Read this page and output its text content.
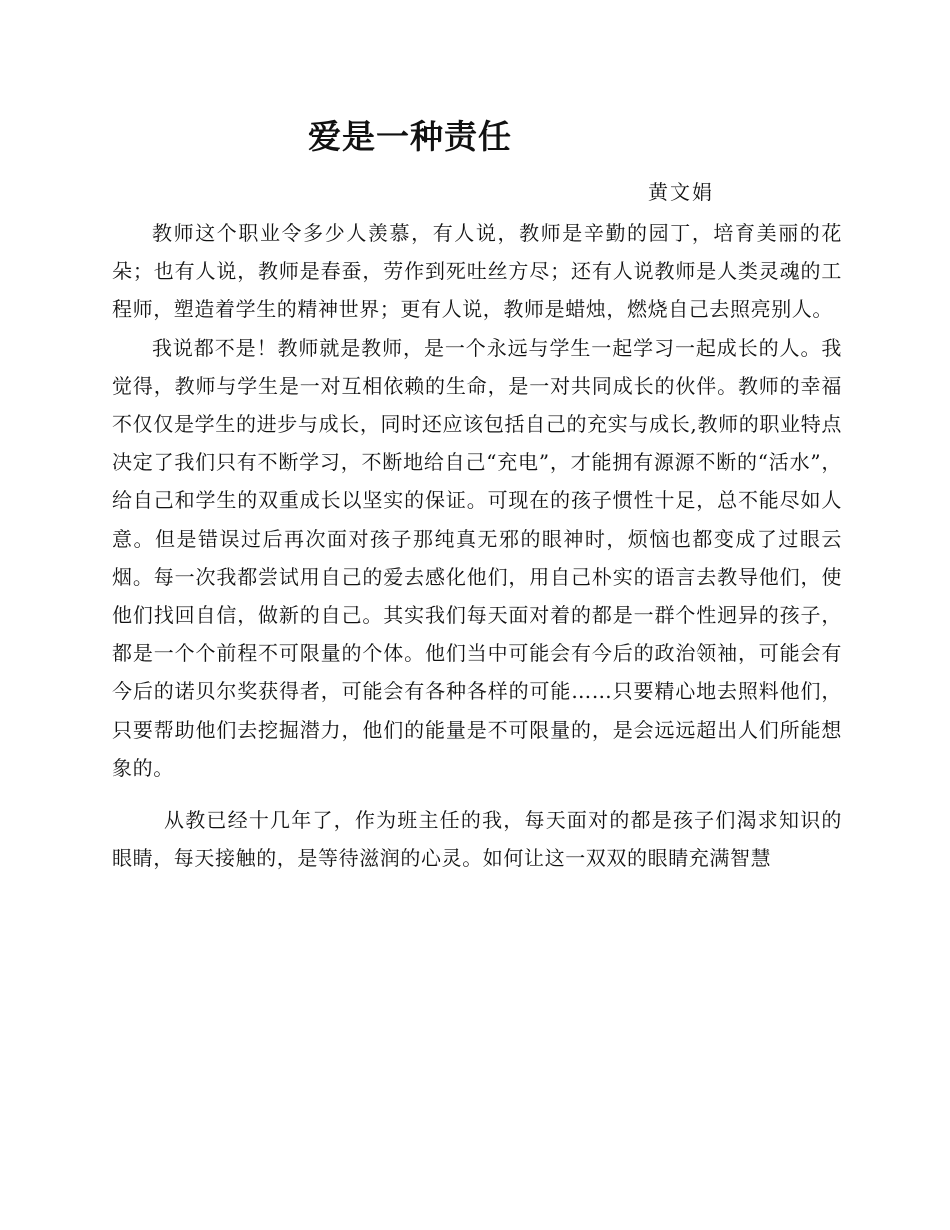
爱是一种责任
黄文娟

教师这个职业令多少人羡慕，有人说，教师是辛勤的园丁，培育美丽的花朵；也有人说，教师是春蚕，劳作到死吐丝方尽；还有人说教师是人类灵魂的工程师，塑造着学生的精神世界；更有人说，教师是蜡烛，燃烧自己去照亮别人。

我说都不是！教师就是教师，是一个永远与学生一起学习一起成长的人。我觉得，教师与学生是一对互相依赖的生命，是一对共同成长的伙伴。教师的幸福不仅仅是学生的进步与成长，同时还应该包括自己的充实与成长,教师的职业特点决定了我们只有不断学习，不断地给自己“充电”，才能拥有源源不断的“活水”，给自己和学生的双重成长以坚实的保证。可现在的孩子惯性十足，总不能尽如人意。但是错误过后再次面对孩子那纯真无邪的眼神时，烦恼也都变成了过眼云烟。每一次我都尝试用自己的爱去感化他们，用自己朴实的语言去教导他们，使他们找回自信，做新的自己。其实我们每天面对着的都是一群个性迥异的孩子，都是一个个前程不可限量的个体。他们当中可能会有今后的政治领袖，可能会有今后的诺贝尔奖获得者，可能会有各种各样的可能……只要精心地去照料他们，只要帮助他们去挖掘潜力，他们的能量是不可限量的，是会远远超出人们所能想象的。

从教已经十几年了，作为班主任的我，每天面对的都是孩子们渴求知识的眼睛，每天接触的，是等待滋润的心灵。如何让这一双双的眼睛充满智慧
